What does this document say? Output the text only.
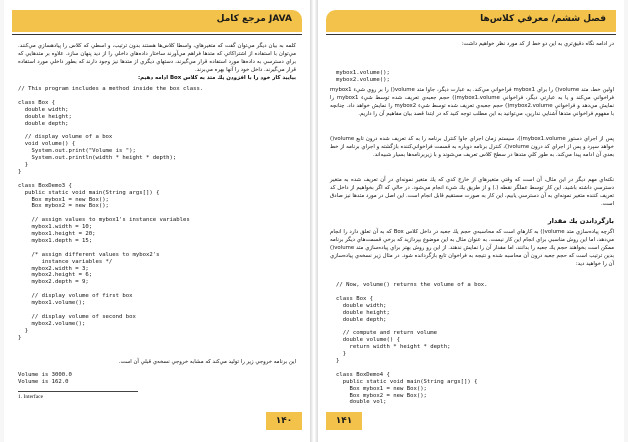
مرجع كامل JAVA
كلمه به بيان ديگر مي‌توان گفت كه متغيرهاي، واسطا كلاس‌ها هستند بدون ترتيب، و اسطي كه كلاس را پيادهسازي مي‌كنند. مي‌توان با استفاده از اشتراكاتي كه متدها فراهم مي‌آورند ساختار داده‌هاي داخلي را از ديد پنهان سازد. علاوه بر متدهايي كه براي دسترسي به داده‌ها مورد استفاده قرار مي‌گيرند، دستهاي ديگري از متدها نيز وجود دارند كه بطور داخلي مورد استفاده قرار مي‌گيرند. داخل خود را آنها بهره مي‌برند.
بياييد كار خود را با افزودن يك متد به كلاس Box ادامه دهيم:
// This program includes a method inside the box class.

class Box {
double width;
double height;
double depth;

// display volume of a box
void volume() {
System.out.print("Volume is ");
System.out.println(width * height * depth);
}
}

class BoxDemo3 {
public static void main(String args[]) {
Box mybox1 = new Box();
Box mybox2 = new Box();

// assign values to mybox1's instance variables
mybox1.width = 10;
mybox1.height = 20;
mybox1.depth = 15;

/* assign different values to mybox2's
instance variables */
mybox2.width = 3;
mybox2.height = 6;
mybox2.depth = 9;

// display volume of first box
mybox1.volume();

// display volume of second box
mybox2.volume();
}
}
اين برنامه خروجي زير را توليد مي‌كند كه مشابه خروجي نسخه‌ي قبلي آن است.
Volume is 3000.0
Volume is 162.0
1. Interface
۱۴۰
فصل ششم/ معرفي كلاس‌ها
در ادامه نگاه دقيق‌تري به اين دو خط از كد مورد نظر خواهيم داشت:
mybox1.volume();
mybox2.volume();
اولين خط، متد volume() را براي mybox1 فراخواني مي‌كند. به عبارت ديگر، جاوا متد volume() را بر روي شيء mybox1 فراخواني مي‌كند و يا به عبارتي ديگر، فراخواني mybox1.volume() حجم جعبه‌ي تعريف شده توسط شيء mybox1 را نمايش مي‌دهد و فراخواني mybox2.volume() حجم جعبه‌ي تعريف شده توسط شيء mybox2 را نمايش خواهد داد. چنانچه با مفهوم فراخواني متدها آشنايي ندارين، مي‌توانيد به اين مطلب توجه كنيد كه در ابتدا قصد بيان مفاهيم آن را داريم.
پس از اجراي دستور mybox1.volume()، سيستم زمان اجراي جاوا كنترل برنامه را به كد تعريف شده درون تابع volume() خواهد سپرد و پس از اجراي كد درون volume()، كنترل برنامه دوباره به قسمت فراخواني‌كننده بازگشته و اجراي برنامه از خط بعدي آن ادامه پيدا مي‌كند. به طور كلي متدها در سطح كلاس تعريف مي‌شوند و با زيربرنامه‌ها بسيار شبيه‌اند.
نكته‌اي مهم ديگر در اين مثال، آن است كه وقتي متغيرهاي از خارج كدي كه يك متغير نمونه‌اي در آن تعريف شده به متغير دسترسي داشته باشيد، اين كار توسط عملگر نقطه (.) و از طريق يك شيء انجام مي‌شود. در حالي كه اگر بخواهيم از داخل كد تعريف كننده متغير نمونه‌اي به آن دسترسي يابيم، اين كار به صورت مستقيم قابل انجام است. اين اصل در مورد متدها نيز صادق است.
بازگرداندن يك مقدار
اگرچه پياده‌سازي متد volume() به كارهاي است كه محاسبه‌ي حجم يك جعبه در داخل كلاس Box كه به آن تعلق دارد را انجام مي‌دهد، اما اين روش مناسبي براي انجام اين كار نيست. به عنوان مثال به اين موضوع بپردازيد كه برخي قسمت‌هاي ديگر برنامه ممكن است بخواهند حجم يك جعبه را بدانند، اما مقدار آن را نمايش ندهند. از اين رو روش بهتر براي پياده‌سازي متد volume() بدين ترتيب است كه حجم جعبه درون آن محاسبه شده و نتيجه به فراخوان تابع بازگردانده شود. در مثال زير نسخه‌ي پياده‌سازي آن را خواهيد ديد:
// Now, volume() returns the volume of a box.

class Box {
double width;
double height;
double depth;

// compute and return volume
double volume() {
return width * height * depth;
}
}

class BoxDemo4 {
public static void main(String args[]) {
Box mybox1 = new Box();
Box mybox2 = new Box();
double vol;
۱۴۱
